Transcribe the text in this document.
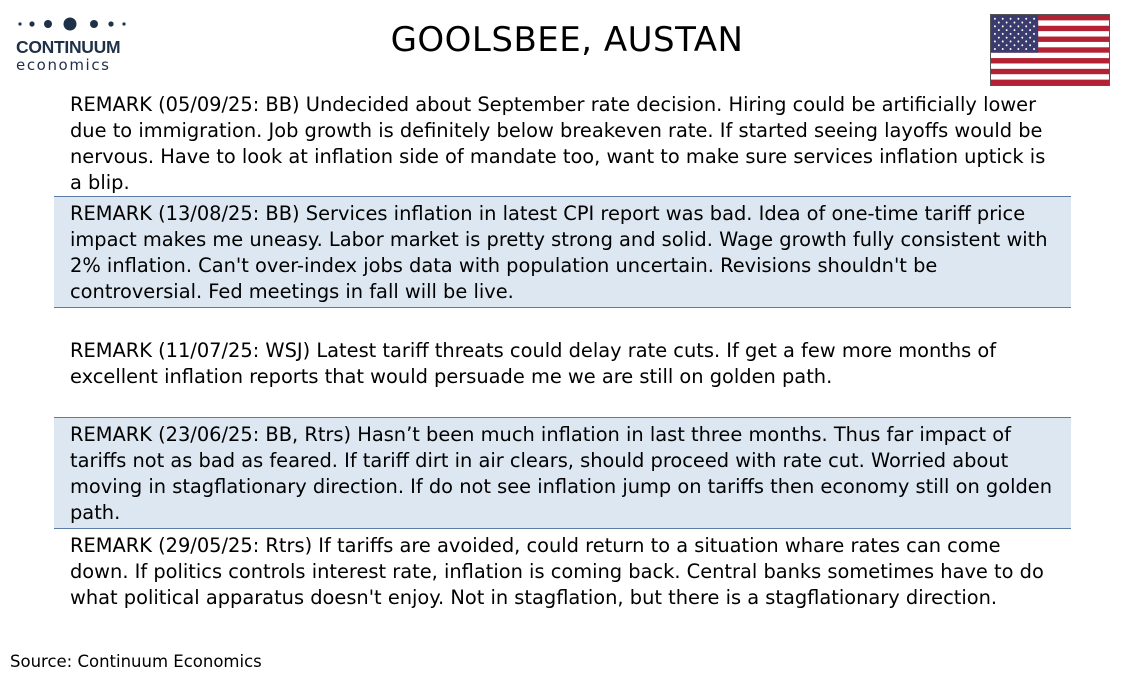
CONTINUUM
economics
GOOLSBEE, AUSTAN
REMARK (05/09/25: BB) Undecided about September rate decision. Hiring could be artificially lower due to immigration. Job growth is definitely below breakeven rate. If started seeing layoffs would be nervous. Have to look at inflation side of mandate too, want to make sure services inflation uptick is a blip.
REMARK (13/08/25: BB) Services inflation in latest CPI report was bad. Idea of one-time tariff price impact makes me uneasy. Labor market is pretty strong and solid. Wage growth fully consistent with 2% inflation. Can't over-index jobs data with population uncertain. Revisions shouldn't be controversial. Fed meetings in fall will be live.
REMARK (11/07/25: WSJ) Latest tariff threats could delay rate cuts. If get a few more months of excellent inflation reports that would persuade me we are still on golden path.
REMARK (23/06/25: BB, Rtrs) Hasn’t been much inflation in last three months. Thus far impact of tariffs not as bad as feared. If tariff dirt in air clears, should proceed with rate cut. Worried about moving in stagflationary direction. If do not see inflation jump on tariffs then economy still on golden path.
REMARK (29/05/25: Rtrs) If tariffs are avoided, could return to a situation whare rates can come down. If politics controls interest rate, inflation is coming back. Central banks sometimes have to do what political apparatus doesn't enjoy. Not in stagflation, but there is a stagflationary direction.
Source: Continuum Economics
